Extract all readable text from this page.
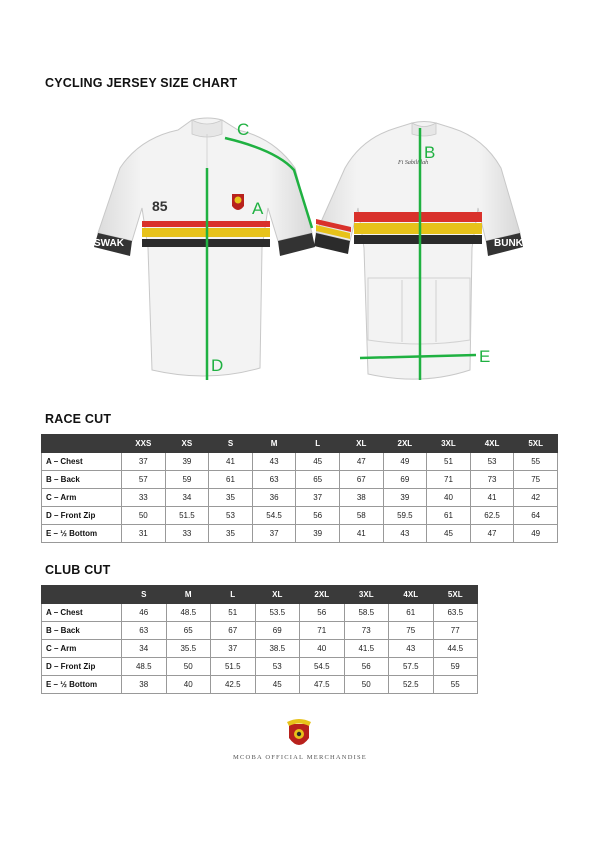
CYCLING JERSEY SIZE CHART
SWAK
85
C
A
D
BUNK
Fi Sabilillah
B
E
RACE CUT
	XXS	XS	S	M	L	XL	2XL	3XL	4XL	5XL
A – Chest	37	39	41	43	45	47	49	51	53	55
B – Back	57	59	61	63	65	67	69	71	73	75
C – Arm	33	34	35	36	37	38	39	40	41	42
D – Front Zip	50	51.5	53	54.5	56	58	59.5	61	62.5	64
E – ½ Bottom	31	33	35	37	39	41	43	45	47	49
CLUB CUT
	S	M	L	XL	2XL	3XL	4XL	5XL
A – Chest	46	48.5	51	53.5	56	58.5	61	63.5
B – Back	63	65	67	69	71	73	75	77
C – Arm	34	35.5	37	38.5	40	41.5	43	44.5
D – Front Zip	48.5	50	51.5	53	54.5	56	57.5	59
E – ½ Bottom	38	40	42.5	45	47.5	50	52.5	55
MCOBA OFFICIAL MERCHANDISE
